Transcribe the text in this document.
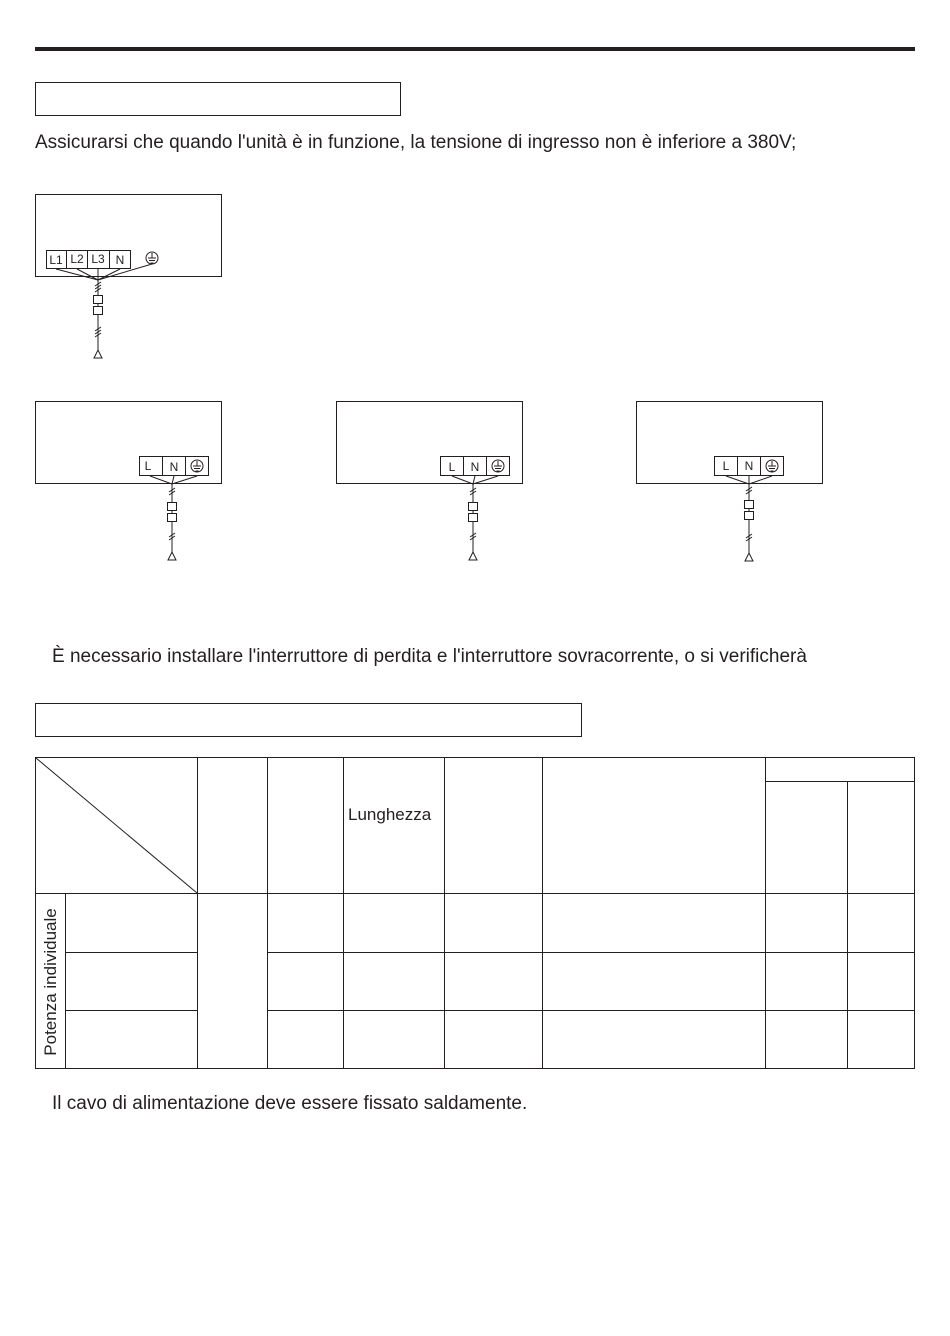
Assicurarsi che quando l'unità è in funzione, la tensione di ingresso non è inferiore a 380V;

L1 L2 L3 N
L N	L N	L N
È necessario installare l'interruttore di perdita e l'interruttore sovracorrente, o si verificherà
Lunghezza
Potenza individuale
Il cavo di alimentazione deve essere fissato saldamente.
